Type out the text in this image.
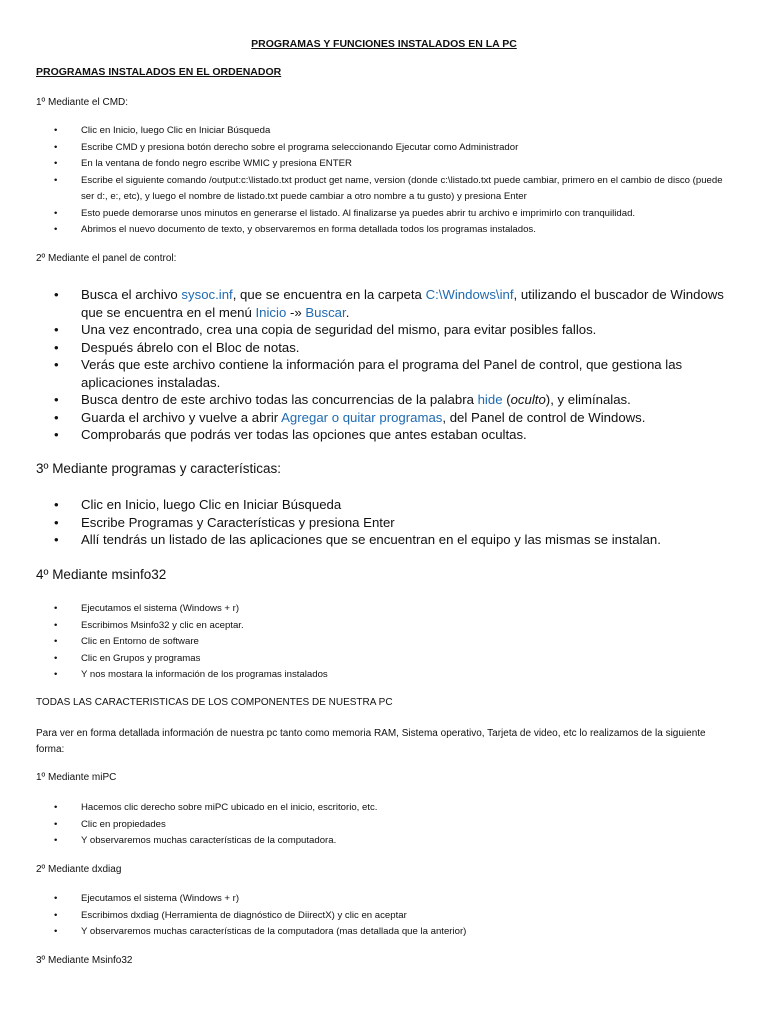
PROGRAMAS Y FUNCIONES INSTALADOS EN LA PC
PROGRAMAS INSTALADOS EN EL ORDENADOR

1º Mediante el CMD:

• Clic en Inicio, luego Clic en Iniciar Búsqueda
• Escribe CMD y presiona botón derecho sobre el programa seleccionando Ejecutar como Administrador
• En la ventana de fondo negro escribe WMIC y presiona ENTER
• Escribe el siguiente comando /output:c:\listado.txt product get name, version (donde c:\listado.txt puede cambiar, primero en el cambio de disco (puede ser d:, e:, etc), y luego el nombre de listado.txt puede cambiar a otro nombre a tu gusto) y presiona Enter
• Esto puede demorarse unos minutos en generarse el listado. Al finalizarse ya puedes abrir tu archivo e imprimirlo con tranquilidad.
• Abrimos el nuevo documento de texto, y observaremos en forma detallada todos los programas instalados.

2º Mediante el panel de control:

• Busca el archivo sysoc.inf, que se encuentra en la carpeta C:\Windows\inf, utilizando el buscador de Windows que se encuentra en el menú Inicio -» Buscar.
• Una vez encontrado, crea una copia de seguridad del mismo, para evitar posibles fallos.
• Después ábrelo con el Bloc de notas.
• Verás que este archivo contiene la información para el programa del Panel de control, que gestiona las aplicaciones instaladas.
• Busca dentro de este archivo todas las concurrencias de la palabra hide (oculto), y elimínalas.
• Guarda el archivo y vuelve a abrir Agregar o quitar programas, del Panel de control de Windows.
• Comprobarás que podrás ver todas las opciones que antes estaban ocultas.

3º Mediante programas y características:

• Clic en Inicio, luego Clic en Iniciar Búsqueda
• Escribe Programas y Características y presiona Enter
• Allí tendrás un listado de las aplicaciones que se encuentran en el equipo y las mismas se instalan.

4º Mediante msinfo32

• Ejecutamos el sistema (Windows + r)
• Escribimos Msinfo32 y clic en aceptar.
• Clic en Entorno de software
• Clic en Grupos y programas
• Y nos mostara la información de los programas instalados

TODAS LAS CARACTERISTICAS DE LOS COMPONENTES DE NUESTRA PC

Para ver en forma detallada información de nuestra pc tanto como memoria RAM, Sistema operativo, Tarjeta de video, etc lo realizamos de la siguiente forma:

1º Mediante miPC

• Hacemos clic derecho sobre miPC ubicado en el inicio, escritorio, etc.
• Clic en propiedades
• Y observaremos muchas características de la computadora.

2º Mediante dxdiag

• Ejecutamos el sistema (Windows + r)
• Escribimos dxdiag (Herramienta de diagnóstico de DiirectX) y clic en aceptar
• Y observaremos muchas características de la computadora (mas detallada que la anterior)

3º Mediante Msinfo32
